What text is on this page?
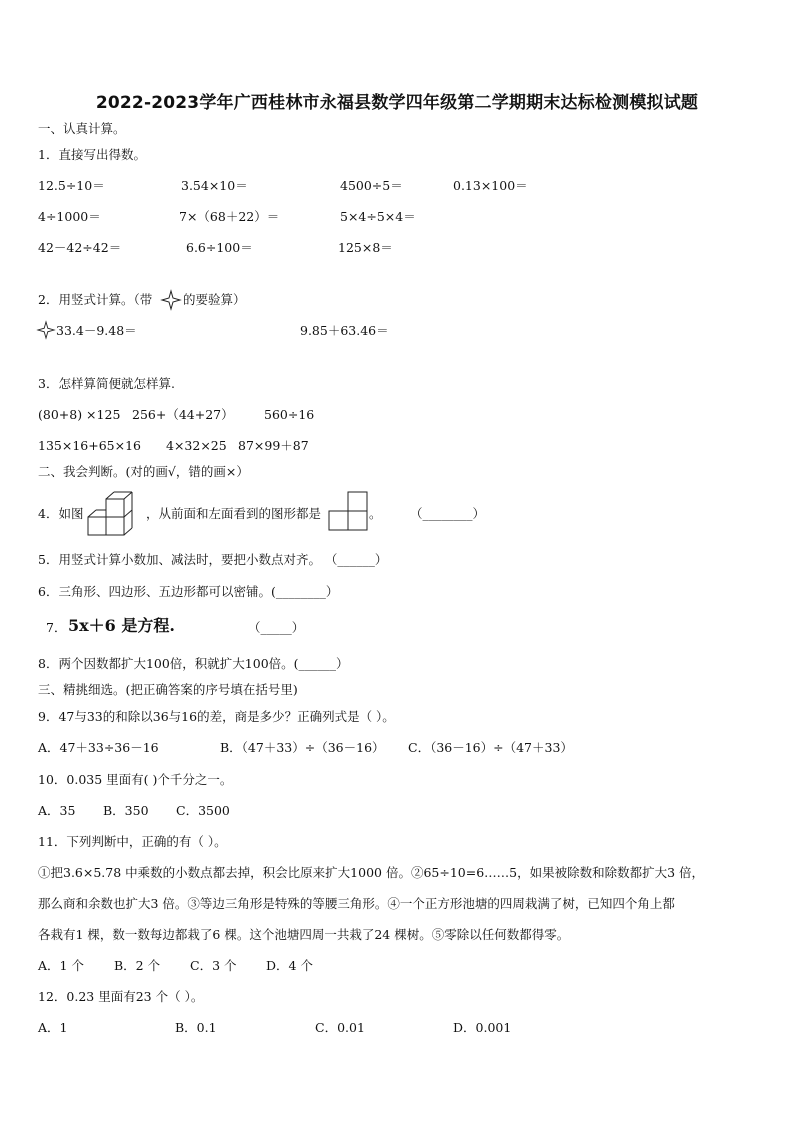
2022-2023学年广西桂林市永福县数学四年级第二学期期末达标检测模拟试题
一、认真计算。
1．直接写出得数。
12.5÷10＝	3.54×10＝	4500÷5＝	0.13×100＝
4÷1000＝	7×（68＋22）＝	5×4÷5×4＝
42－42÷42＝	6.6÷100＝	125×8＝
2．用竖式计算。（带 的要验算）
33.4－9.48＝	9.85＋63.46＝
3．怎样算简便就怎样算.
(80+8) ×125 256+（44+27） 560÷16
135×16+65×16 4×32×25 87×99＋87
二、我会判断。(对的画√，错的画×）
4．如图	，从前面和左面看到的图形都是	。 （________）
5．用竖式计算小数加、减法时，要把小数点对齐。 （______）
6．三角形、四边形、五边形都可以密铺。(________）
7． 5x＋6 是方程.	（_____）
8．两个因数都扩大100倍，积就扩大100倍。(______）
三、精挑细选。(把正确答案的序号填在括号里)
9．47与33的和除以36与16的差，商是多少？正确列式是（ ）。
A．47＋33÷36－16	B．（47＋33）÷（36－16） C．（36－16）÷（47＋33）
10．0.035 里面有( )个千分之一。
A．35 B．350 C．3500
11．下列判断中，正确的有（ ）。
①把3.6×5.78 中乘数的小数点都去掉，积会比原来扩大1000 倍。②65÷10=6……5，如果被除数和除数都扩大3 倍，
那么商和余数也扩大3 倍。③等边三角形是特殊的等腰三角形。④一个正方形池塘的四周栽满了树，已知四个角上都
各栽有1 棵，数一数每边都栽了6 棵。这个池塘四周一共栽了24 棵树。⑤零除以任何数都得零。
A．1 个 B．2 个 C．3 个 D．4 个
12．0.23 里面有23 个（ ）。
A．1	B．0.1	C．0.01	D．0.001
